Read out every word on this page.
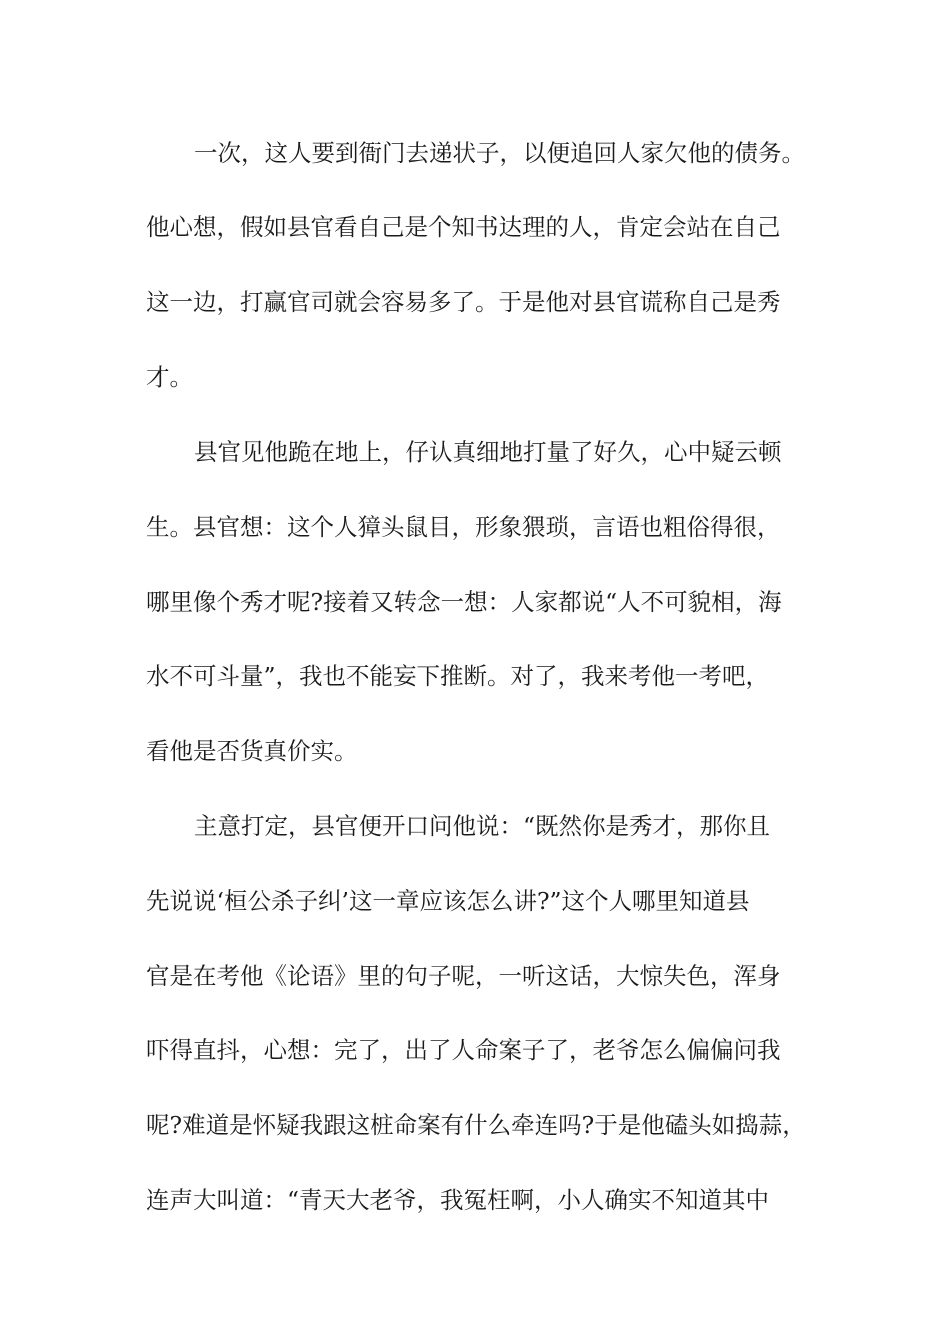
一次，这人要到衙门去递状子，以便追回人家欠他的债务。
他心想，假如县官看自己是个知书达理的人，肯定会站在自己
这一边，打赢官司就会容易多了。于是他对县官谎称自己是秀
才。
县官见他跪在地上，仔认真细地打量了好久，心中疑云顿
生。县官想：这个人獐头鼠目，形象猥琐，言语也粗俗得很，
哪里像个秀才呢?接着又转念一想：人家都说“人不可貌相，海
水不可斗量”，我也不能妄下推断。对了，我来考他一考吧，
看他是否货真价实。
主意打定，县官便开口问他说：“既然你是秀才，那你且
先说说‘桓公杀子纠’这一章应该怎么讲?”这个人哪里知道县
官是在考他《论语》里的句子呢，一听这话，大惊失色，浑身
吓得直抖，心想：完了，出了人命案子了，老爷怎么偏偏问我
呢?难道是怀疑我跟这桩命案有什么牵连吗?于是他磕头如捣蒜，
连声大叫道：“青天大老爷，我冤枉啊，小人确实不知道其中
